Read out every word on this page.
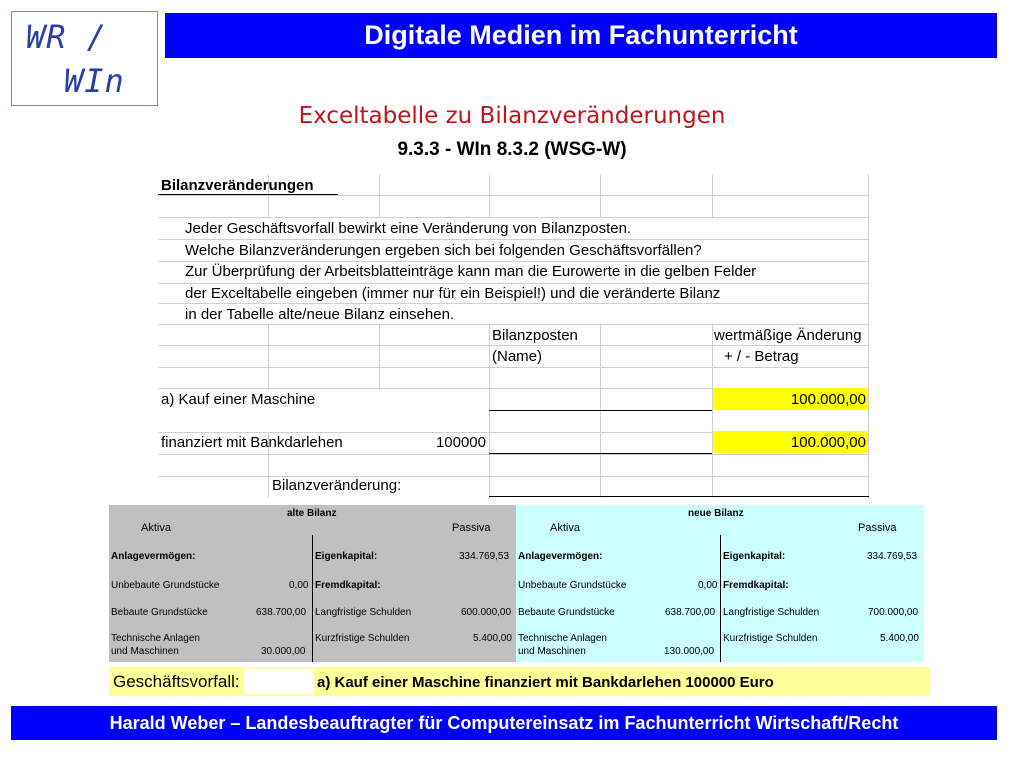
WR /
WIn
Digitale Medien im Fachunterricht
Exceltabelle zu Bilanzveränderungen
9.3.3 - WIn 8.3.2 (WSG-W)
Bilanzveränderungen
Jeder Geschäftsvorfall bewirkt eine Veränderung von Bilanzposten.
Welche Bilanzveränderungen ergeben sich bei folgenden Geschäftsvorfällen?
Zur Überprüfung der Arbeitsblatteinträge kann man die Eurowerte in die gelben Felder
der Exceltabelle eingeben (immer nur für ein Beispiel!) und die veränderte Bilanz
in der Tabelle alte/neue Bilanz einsehen.
Bilanzposten
(Name)
wertmäßige Änderung
+ / - Betrag
a) Kauf einer Maschine	100.000,00
finanziert mit Bankdarlehen	100000	100.000,00
Bilanzveränderung:
alte Bilanz
Aktiva	Passiva
Anlagevermögen:	Eigenkapital:	334.769,53
Unbebaute Grundstücke	0,00 Fremdkapital:
Bebaute Grundstücke	638.700,00 Langfristige Schulden	600.000,00
Technische Anlagen
und Maschinen	30.000,00
Kurzfristige Schulden	5.400,00
neue Bilanz
Aktiva	Passiva
Anlagevermögen:	Eigenkapital:	334.769,53
Unbebaute Grundstücke	0,00 Fremdkapital:
Bebaute Grundstücke	638.700,00 Langfristige Schulden	700.000,00
Technische Anlagen
und Maschinen	130.000,00
Kurzfristige Schulden	5.400,00
Geschäftsvorfall:	a) Kauf einer Maschine finanziert mit Bankdarlehen 100000 Euro
Harald Weber – Landesbeauftragter für Computereinsatz im Fachunterricht Wirtschaft/Recht
